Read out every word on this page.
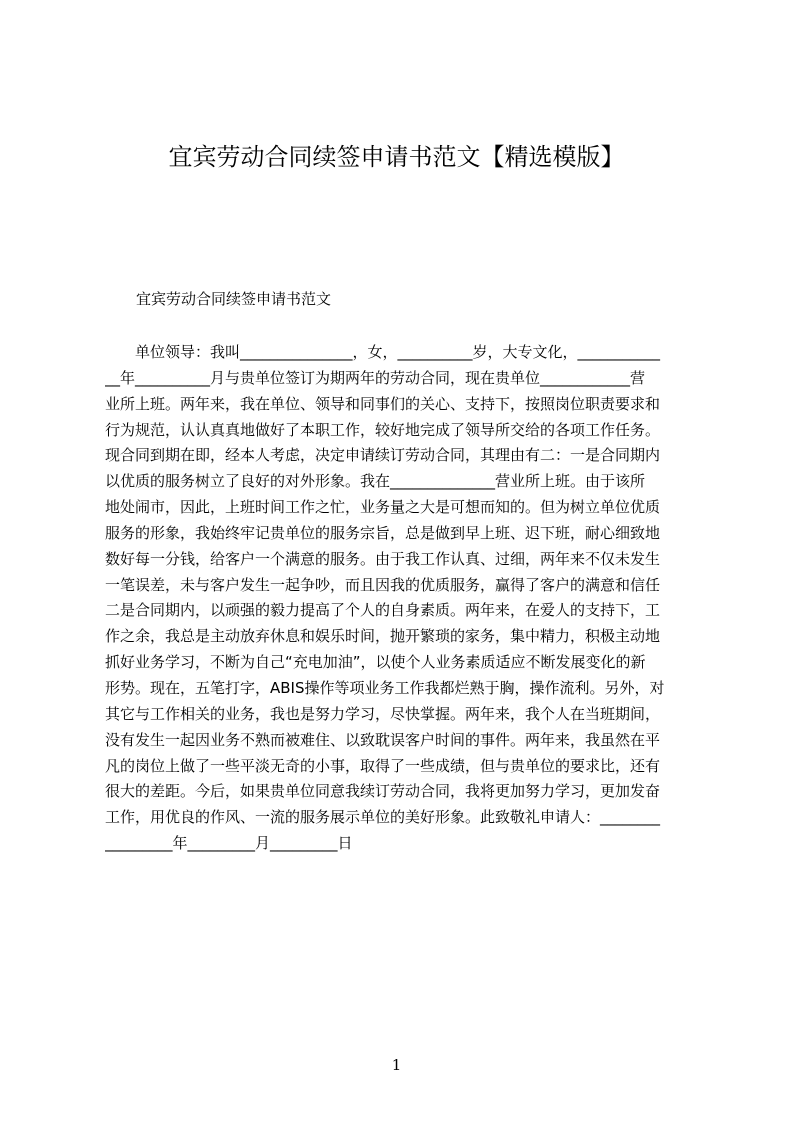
宜宾劳动合同续签申请书范文【精选模版】

宜宾劳动合同续签申请书范文

　　单位领导：我叫_______________，女，__________岁，大专文化，___________
__年__________月与贵单位签订为期两年的劳动合同，现在贵单位____________营
业所上班。两年来，我在单位、领导和同事们的关心、支持下，按照岗位职责要求和
行为规范，认认真真地做好了本职工作，较好地完成了领导所交给的各项工作任务。
现合同到期在即，经本人考虑，决定申请续订劳动合同，其理由有二：一是合同期内
以优质的服务树立了良好的对外形象。我在______________营业所上班。由于该所
地处闹市，因此，上班时间工作之忙，业务量之大是可想而知的。但为树立单位优质
服务的形象，我始终牢记贵单位的服务宗旨，总是做到早上班、迟下班，耐心细致地
数好每一分钱，给客户一个满意的服务。由于我工作认真、过细，两年来不仅未发生
一笔误差，未与客户发生一起争吵，而且因我的优质服务，赢得了客户的满意和信任
二是合同期内，以顽强的毅力提高了个人的自身素质。两年来，在爱人的支持下，工
作之余，我总是主动放弃休息和娱乐时间，抛开繁琐的家务，集中精力，积极主动地
抓好业务学习，不断为自己“充电加油”，以使个人业务素质适应不断发展变化的新
形势。现在，五笔打字，ABIS操作等项业务工作我都烂熟于胸，操作流利。另外，对
其它与工作相关的业务，我也是努力学习，尽快掌握。两年来，我个人在当班期间，
没有发生一起因业务不熟而被难住、以致耽误客户时间的事件。两年来，我虽然在平
凡的岗位上做了一些平淡无奇的小事，取得了一些成绩，但与贵单位的要求比，还有
很大的差距。今后，如果贵单位同意我续订劳动合同，我将更加努力学习，更加发奋
工作，用优良的作风、一流的服务展示单位的美好形象。此致敬礼申请人：________
_________年_________月_________日
1
